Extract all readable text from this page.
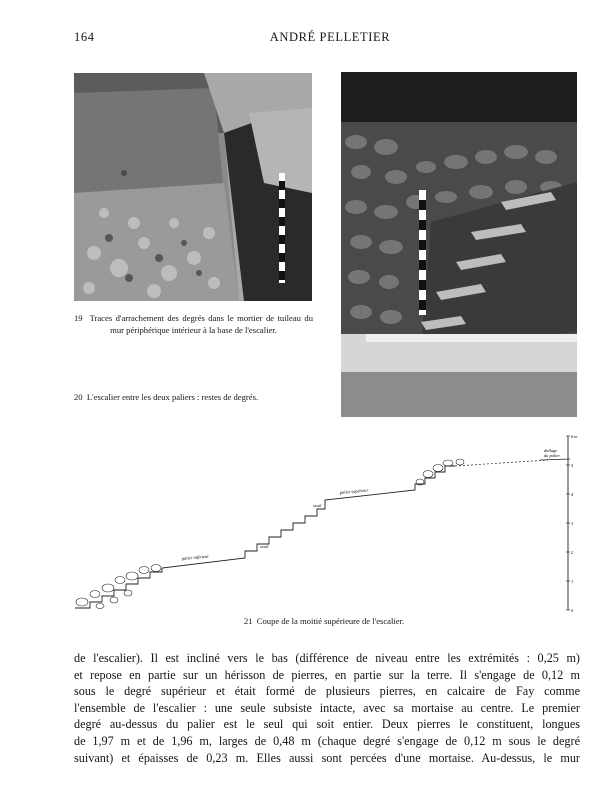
164	ANDRÉ PELLETIER
19 Traces d'arrachement des degrés dans le mortier de tuileau du mur périphérique intérieur à la base de l'escalier.
20 L'escalier entre les deux paliers : restes de degrés.
palier inférieur
palier supérieur
seuil
seuil
dallage
du palier
6 m
5
4
3
2
1
0
21 Coupe de la moitié supérieure de l'escalier.

de l'escalier). Il est incliné vers le bas (différence de niveau entre les extrémités : 0,25 m)

et repose en partie sur un hérisson de pierres, en partie sur la terre. Il s'engage de 0,12 m

sous le degré supérieur et était formé de plusieurs pierres, en calcaire de Fay comme

l'ensemble de l'escalier : une seule subsiste intacte, avec sa mortaise au centre. Le premier

degré au-dessus du palier est le seul qui soit entier. Deux pierres le constituent, longues

de 1,97 m et de 1,96 m, larges de 0,48 m (chaque degré s'engage de 0,12 m sous le degré

suivant) et épaisses de 0,23 m. Elles aussi sont percées d'une mortaise. Au-dessus, le mur
